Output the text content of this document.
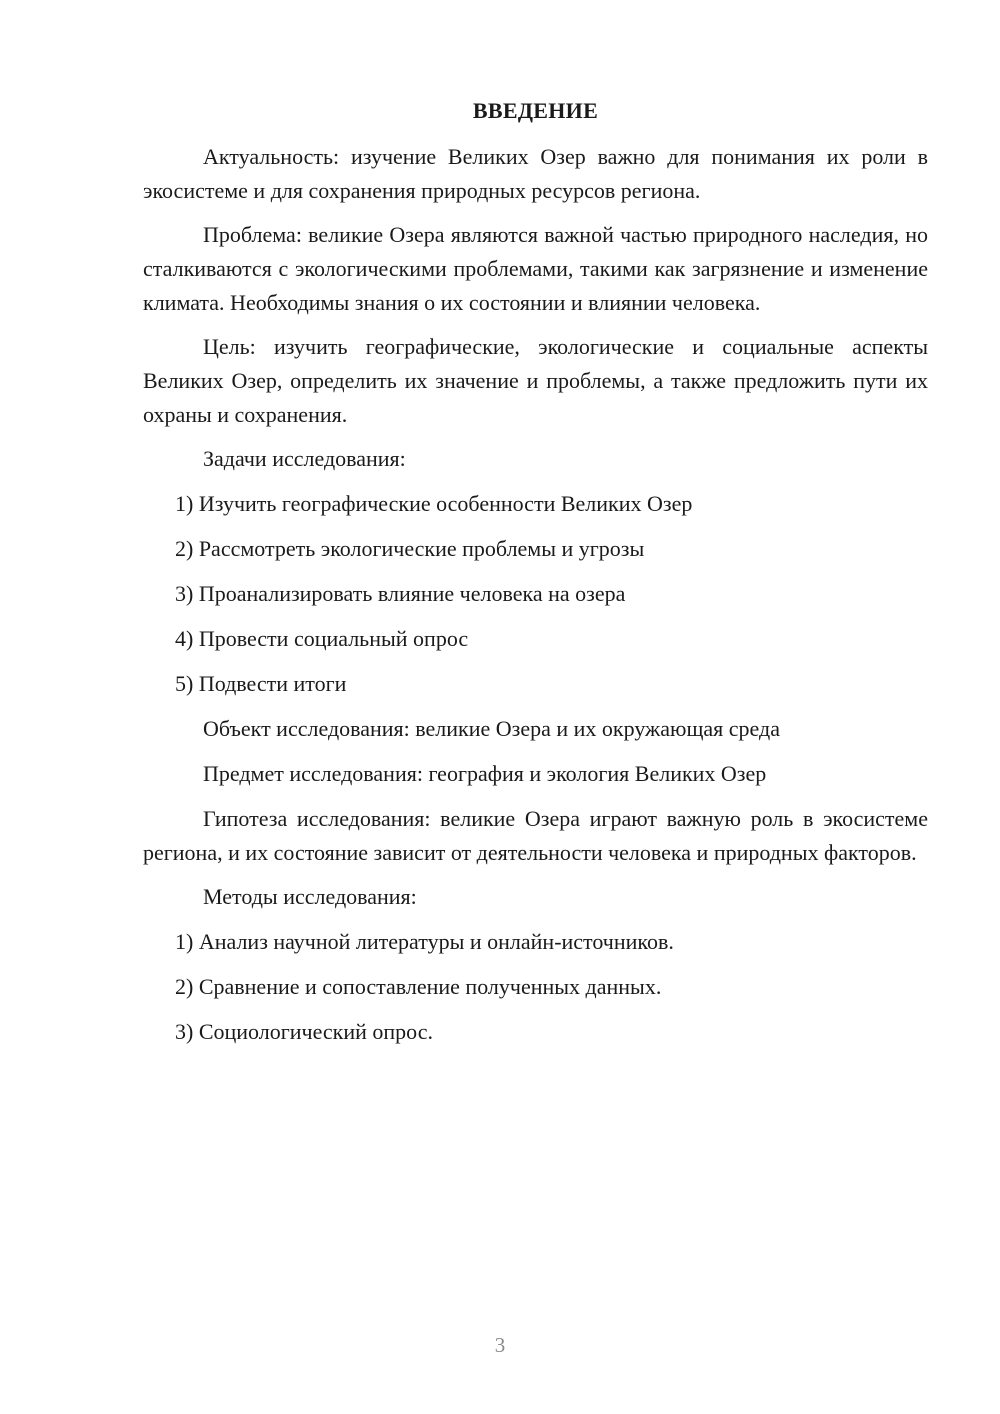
ВВЕДЕНИЕ

Актуальность: изучение Великих Озер важно для понимания их роли в экосистеме и для сохранения природных ресурсов региона.

Проблема: великие Озера являются важной частью природного наследия, но сталкиваются с экологическими проблемами, такими как загрязнение и изменение климата. Необходимы знания о их состоянии и влиянии человека.

Цель: изучить географические, экологические и социальные аспекты Великих Озер, определить их значение и проблемы, а также предложить пути их охраны и сохранения.

Задачи исследования:
1) Изучить географические особенности Великих Озер
2) Рассмотреть экологические проблемы и угрозы
3) Проанализировать влияние человека на озера
4) Провести социальный опрос
5) Подвести итоги
Объект исследования: великие Озера и их окружающая среда
Предмет исследования: география и экология Великих Озер

Гипотеза исследования: великие Озера играют важную роль в экосистеме региона, и их состояние зависит от деятельности человека и природных факторов.

Методы исследования:
1) Анализ научной литературы и онлайн-источников.
2) Сравнение и сопоставление полученных данных.
3) Социологический опрос.
3
